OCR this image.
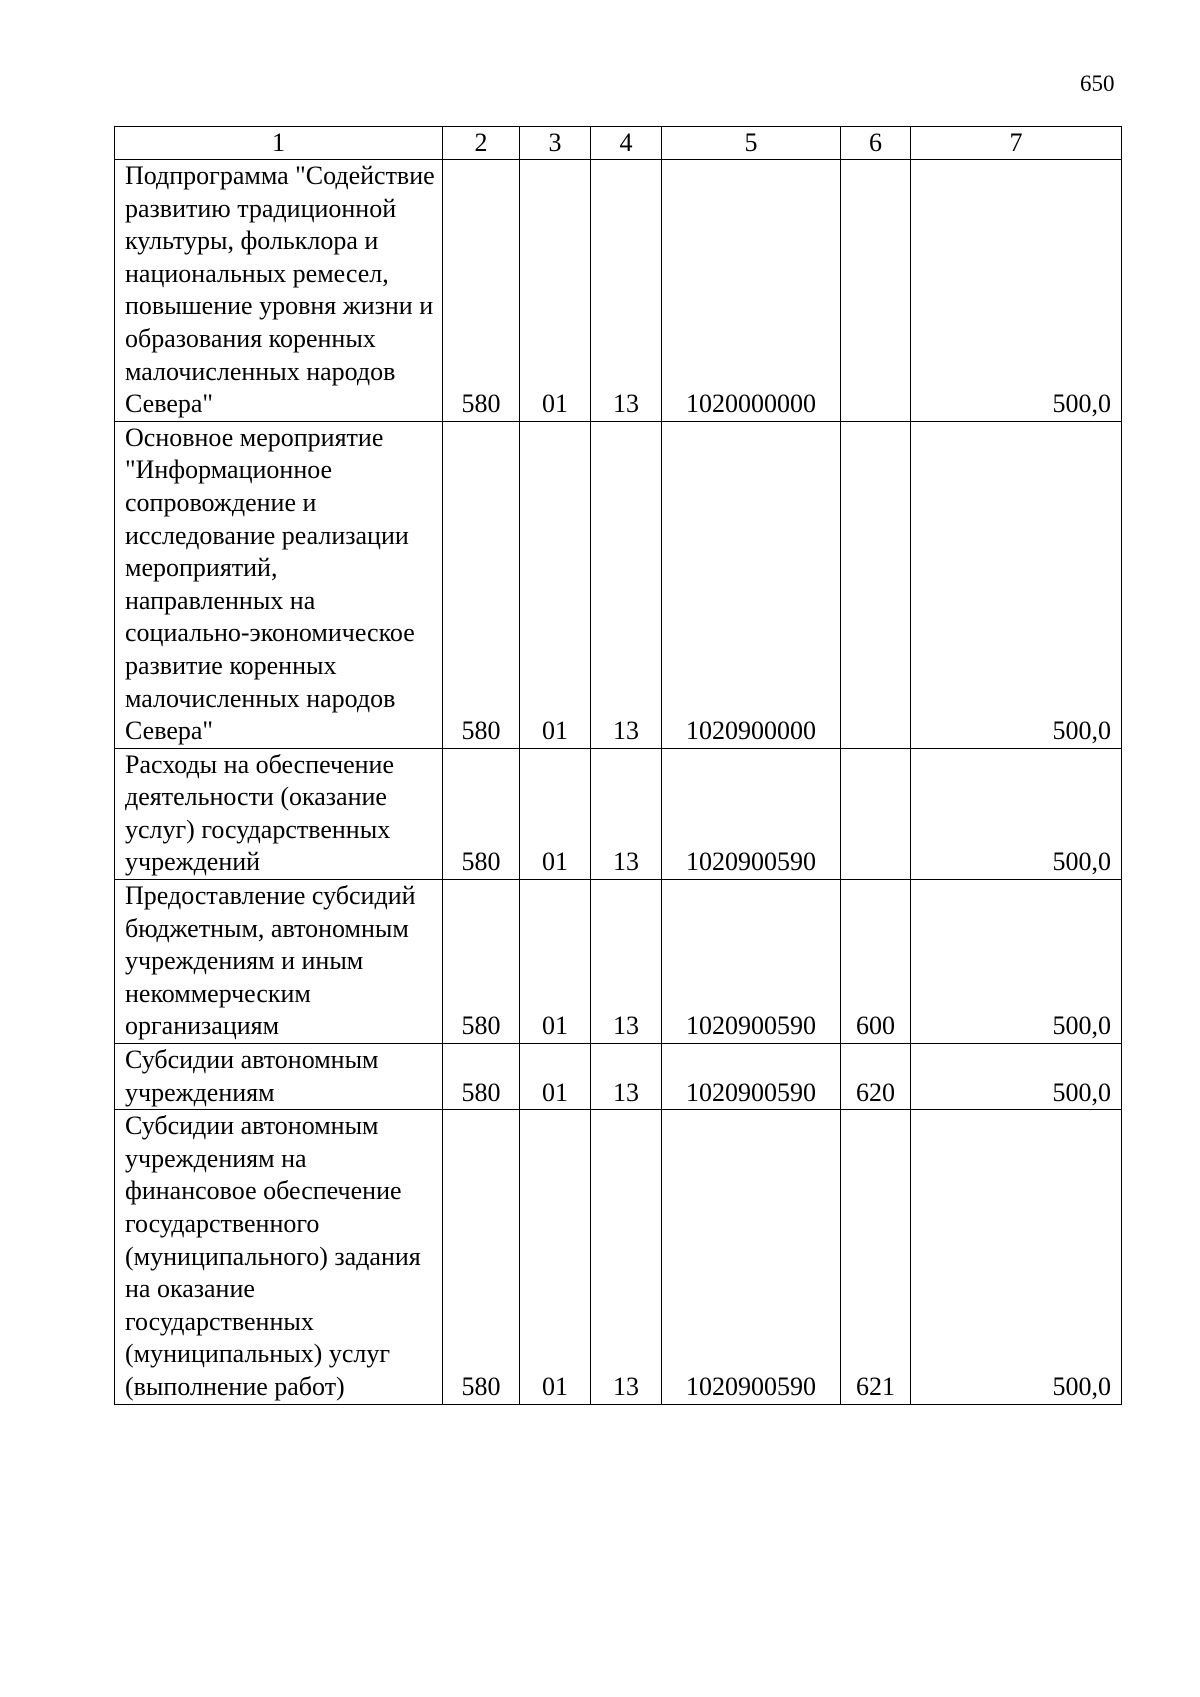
650
1	2	3	4	5	6	7
Подпрограмма "Содействие развитию традиционной культуры, фольклора и национальных ремесел, повышение уровня жизни и образования коренных малочисленных народов Севера"	580	01	13	1020000000		500,0
Основное мероприятие "Информационное сопровождение и исследование реализации мероприятий, направленных на социально-экономическое развитие коренных малочисленных народов Севера"	580	01	13	1020900000		500,0
Расходы на обеспечение деятельности (оказание услуг) государственных учреждений	580	01	13	1020900590		500,0
Предоставление субсидий бюджетным, автономным учреждениям и иным некоммерческим организациям	580	01	13	1020900590	600	500,0
Субсидии автономным учреждениям	580	01	13	1020900590	620	500,0
Субсидии автономным учреждениям на финансовое обеспечение государственного (муниципального) задания на оказание государственных (муниципальных) услуг (выполнение работ)	580	01	13	1020900590	621	500,0
